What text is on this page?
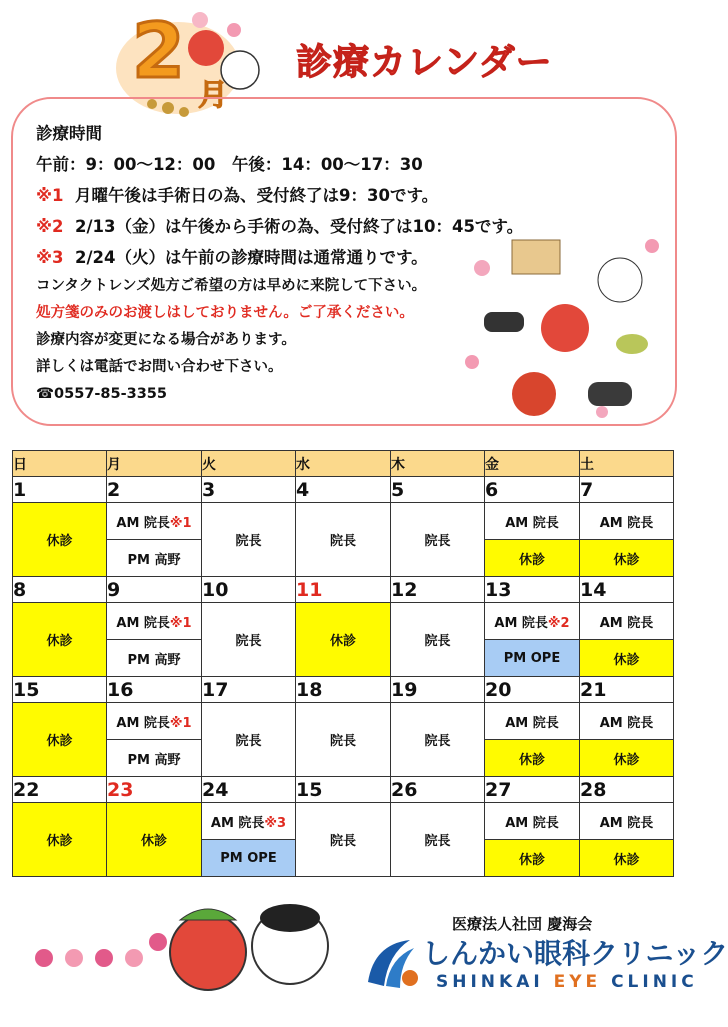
2
月
診療カレンダー
診療時間
午前：9：00～12：00　午後：14：00～17：30
※1 月曜午後は手術日の為、受付終了は9：30です。
※2 2/13（金）は午後から手術の為、受付終了は10：45です。
※3 2/24（火）は午前の診療時間は通常通りです。
コンタクトレンズ処方ご希望の方は早めに来院して下さい。
処方箋のみのお渡しはしておりません。ご了承ください。
診療内容が変更になる場合があります。
詳しくは電話でお問い合わせ下さい。
☎0557-85-3355
日	月	火	水	木	金	土
1	2	3	4	5	6	7
休診	AM 院長※1	院長	院長	院長	AM 院長	AM 院長
	PM 高野				休診	休診
8	9	10	11	12	13	14
休診	AM 院長※1	院長	休診	院長	AM 院長※2	AM 院長
	PM 高野				PM OPE	休診
15	16	17	18	19	20	21
休診	AM 院長※1	院長	院長	院長	AM 院長	AM 院長
	PM 高野				休診	休診
22	23	24	15	26	27	28
休診	休診	AM 院長※3	院長	院長	AM 院長	AM 院長
		PM OPE			休診	休診
医療法人社団 慶海会
しんかい眼科クリニック
SHINKAI EYE CLINIC
